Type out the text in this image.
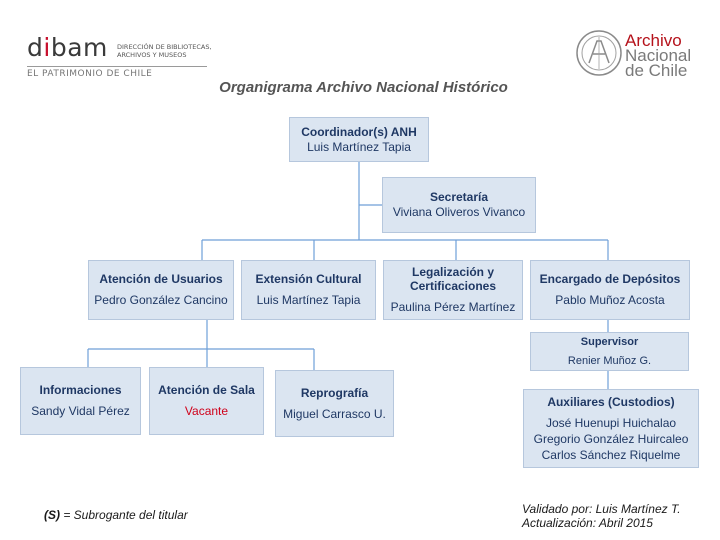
dibam DIRECCIÓN DE BIBLIOTECAS,
ARCHIVOS Y MUSEOS
EL PATRIMONIO DE CHILE
Archivo
Nacional
de Chile
Organigrama Archivo Nacional Histórico
Coordinador(s) ANH
Luis Martínez Tapia
Secretaría
Viviana Oliveros Vivanco
Atención de Usuarios
Pedro González Cancino
Extensión Cultural
Luis Martínez Tapia
Legalización y
Certificaciones
Paulina Pérez Martínez
Encargado de Depósitos
Pablo Muñoz Acosta
Supervisor
Renier Muñoz G.
Informaciones
Sandy Vidal Pérez
Atención de Sala
Vacante
Reprografía
Miguel Carrasco U.
Auxiliares (Custodios)
José Huenupi Huichalao
Gregorio González Huircaleo
Carlos Sánchez Riquelme
(S) = Subrogante del titular	Validado por: Luis Martínez T.
Actualización: Abril 2015
